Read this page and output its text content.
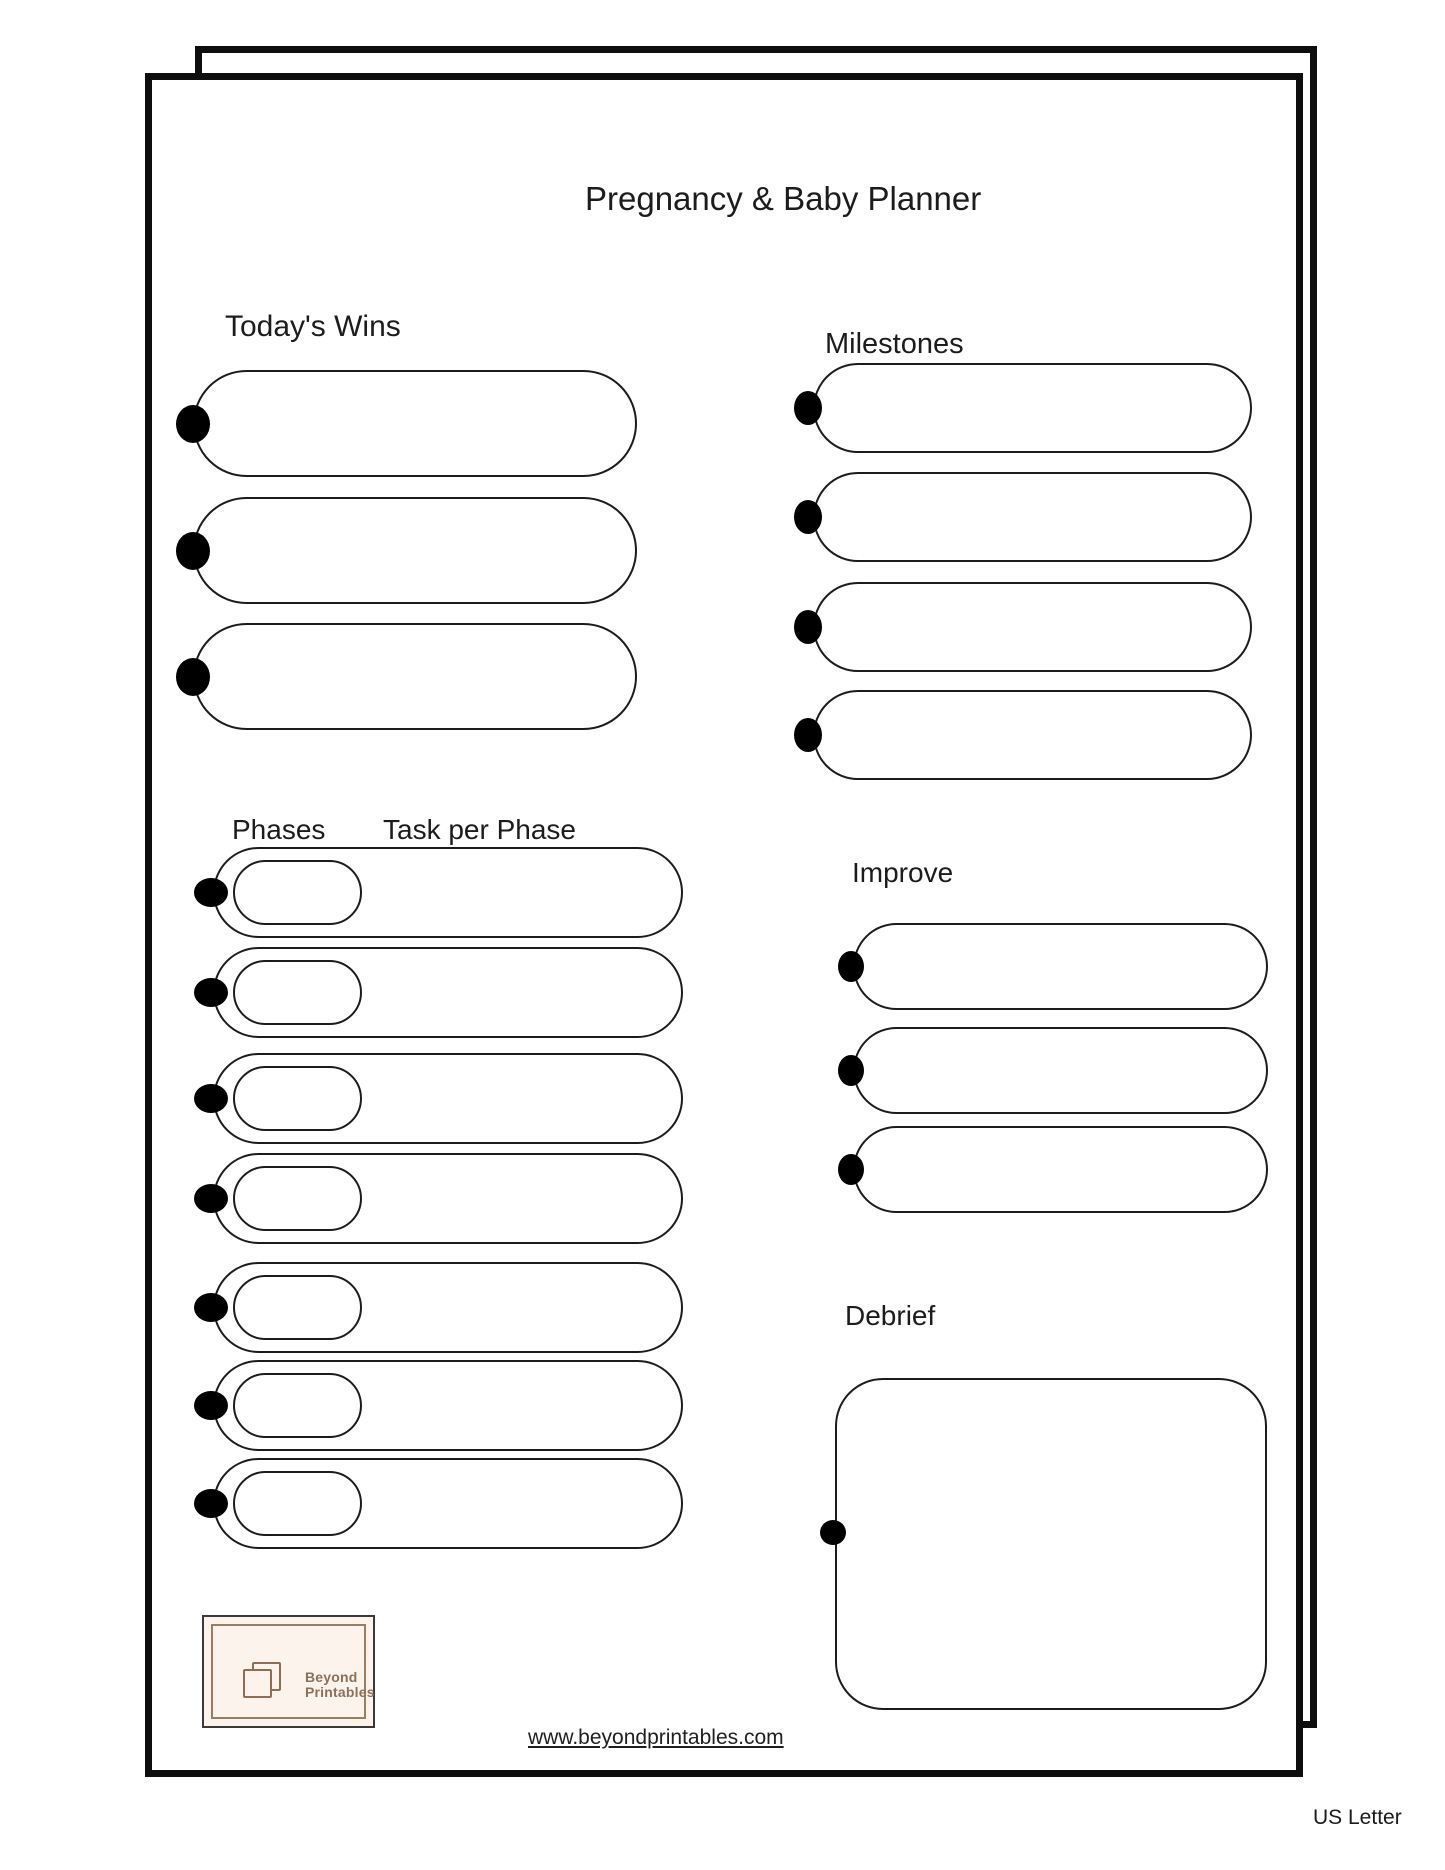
Pregnancy & Baby Planner
Today's Wins
Milestones
Phases Task per Phase
Improve
Debrief
Beyond
Printables
www.beyondprintables.com
US Letter
